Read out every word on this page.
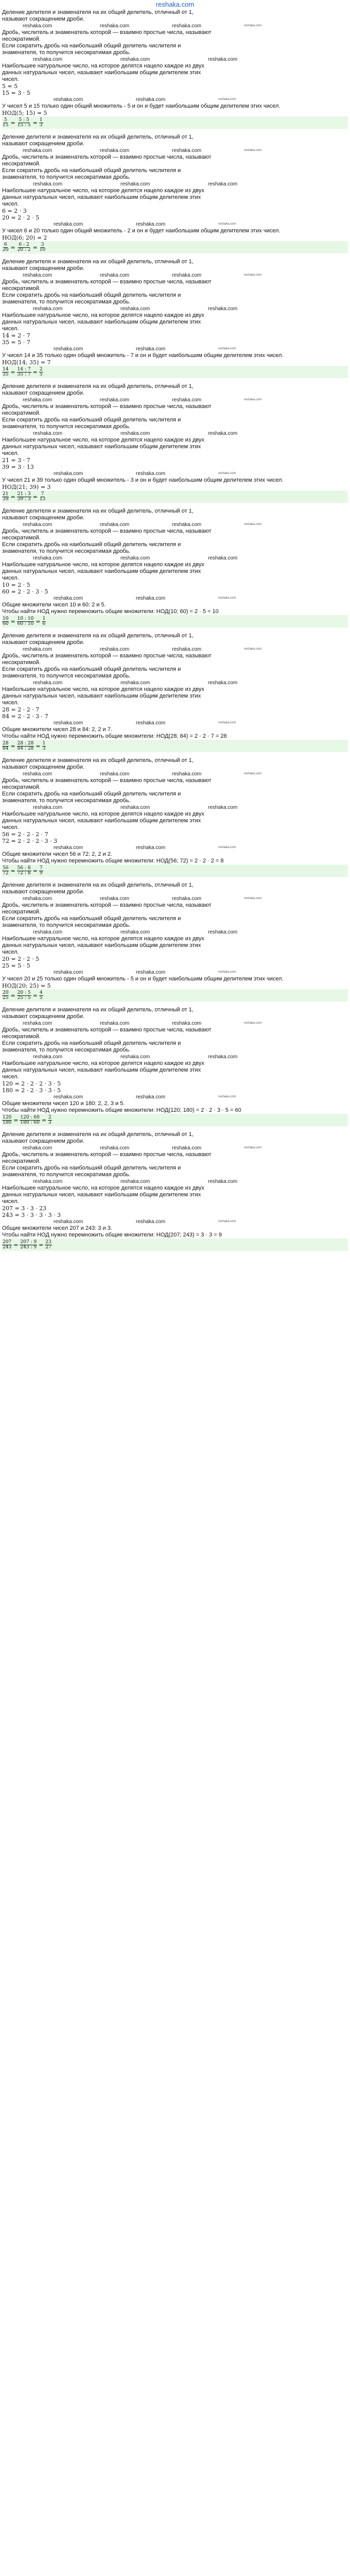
reshaka.com
Деление делителя и знаменателя на их общий делитель, отличный от 1,
называют сокращением дроби.
reshaka.com	reshaka.com	reshaka.com	reshaka.com
Дробь, числитель и знаменатель которой — взаимно простые числа, называют
несократимой.
Если сократить дробь на наибольший общий делитель числителя и
знаменателя, то получится несократимая дробь.
reshaka.com	reshaka.com	reshaka.com
Наибольшее натуральное число, на которое делятся нацело каждое из двух
данных натуральных чисел, называют наибольшим общим делителем этих
чисел.
5 = 5
15 = 3 · 5
reshaka.com	reshaka.com	reshaka.com
У чисел 5 и 15 только один общий множитель - 5 и он и будет наибольшим общим делителем этих чисел.
НОД(5; 15) = 5
$\frac{5}{15} = \frac{5 : 5}{15 : 5} = \frac{1}{3}$
Деление делителя и знаменателя на их общий делитель, отличный от 1,
называют сокращением дроби.
reshaka.com	reshaka.com	reshaka.com	reshaka.com
Дробь, числитель и знаменатель которой — взаимно простые числа, называют
несократимой.
Если сократить дробь на наибольший общий делитель числителя и
знаменателя, то получится несократимая дробь.
reshaka.com	reshaka.com	reshaka.com
Наибольшее натуральное число, на которое делятся нацело каждое из двух
данных натуральных чисел, называют наибольшим общим делителем этих
чисел.
6 = 2 · 3
20 = 2 · 2 · 5
reshaka.com	reshaka.com	reshaka.com
У чисел 6 и 20 только один общий множитель - 2 и он и будет наибольшим общим делителем этих чисел.
НОД(6; 20) = 2
$\frac{6}{20} = \frac{6 : 2}{20 : 2} = \frac{3}{10}$
Деление делителя и знаменателя на их общий делитель, отличный от 1,
называют сокращением дроби.
reshaka.com	reshaka.com	reshaka.com	reshaka.com
Дробь, числитель и знаменатель которой — взаимно простые числа, называют
несократимой.
Если сократить дробь на наибольший общий делитель числителя и
знаменателя, то получится несократимая дробь.
reshaka.com	reshaka.com	reshaka.com
Наибольшее натуральное число, на которое делятся нацело каждое из двух
данных натуральных чисел, называют наибольшим общим делителем этих
чисел.
14 = 2 · 7
35 = 5 · 7
reshaka.com	reshaka.com	reshaka.com
У чисел 14 и 35 только один общий множитель - 7 и он и будет наибольшим общим делителем этих чисел.
НОД(14; 35) = 7
$\frac{14}{35} = \frac{14 : 7}{35 : 7} = \frac{2}{5}$
Деление делителя и знаменателя на их общий делитель, отличный от 1,
называют сокращением дроби.
reshaka.com	reshaka.com	reshaka.com	reshaka.com
Дробь, числитель и знаменатель которой — взаимно простые числа, называют
несократимой.
Если сократить дробь на наибольший общий делитель числителя и
знаменателя, то получится несократимая дробь.
reshaka.com	reshaka.com	reshaka.com
Наибольшее натуральное число, на которое делятся нацело каждое из двух
данных натуральных чисел, называют наибольшим общим делителем этих
чисел.
21 = 3 · 7
39 = 3 · 13
reshaka.com	reshaka.com	reshaka.com
У чисел 21 и 39 только один общий множитель - 3 и он и будет наибольшим общим делителем этих чисел.
НОД(21; 39) = 3
$\frac{21}{39} = \frac{21 : 3}{39 : 3} = \frac{7}{13}$
Деление делителя и знаменателя на их общий делитель, отличный от 1,
называют сокращением дроби.
reshaka.com	reshaka.com	reshaka.com	reshaka.com
Дробь, числитель и знаменатель которой — взаимно простые числа, называют
несократимой.
Если сократить дробь на наибольший общий делитель числителя и
знаменателя, то получится несократимая дробь.
reshaka.com	reshaka.com	reshaka.com
Наибольшее натуральное число, на которое делятся нацело каждое из двух
данных натуральных чисел, называют наибольшим общим делителем этих
чисел.
10 = 2 · 5
60 = 2 · 2 · 3 · 5
reshaka.com	reshaka.com	reshaka.com
Общие множители чисел 10 и 60: 2 и 5.
Чтобы найти НОД нужно перемножить общие множители: НОД(10; 60) = 2 · 5 = 10
$\frac{10}{60} = \frac{10 : 10}{60 : 10} = \frac{1}{6}$
Деление делителя и знаменателя на их общий делитель, отличный от 1,
называют сокращением дроби.
reshaka.com	reshaka.com	reshaka.com	reshaka.com
Дробь, числитель и знаменатель которой — взаимно простые числа, называют
несократимой.
Если сократить дробь на наибольший общий делитель числителя и
знаменателя, то получится несократимая дробь.
reshaka.com	reshaka.com	reshaka.com
Наибольшее натуральное число, на которое делятся нацело каждое из двух
данных натуральных чисел, называют наибольшим общим делителем этих
чисел.
28 = 2 · 2 · 7
84 = 2 · 2 · 3 · 7
reshaka.com	reshaka.com	reshaka.com
Общие множители чисел 28 и 84: 2, 2 и 7.
Чтобы найти НОД нужно перемножить общие множители: НОД(28; 84) = 2 · 2 · 7 = 28
$\frac{28}{84} = \frac{28 : 28}{84 : 28} = \frac{1}{3}$
Деление делителя и знаменателя на их общий делитель, отличный от 1,
называют сокращением дроби.
reshaka.com	reshaka.com	reshaka.com	reshaka.com
Дробь, числитель и знаменатель которой — взаимно простые числа, называют
несократимой.
Если сократить дробь на наибольший общий делитель числителя и
знаменателя, то получится несократимая дробь.
reshaka.com	reshaka.com	reshaka.com
Наибольшее натуральное число, на которое делятся нацело каждое из двух
данных натуральных чисел, называют наибольшим общим делителем этих
чисел.
56 = 2 · 2 · 2 · 7
72 = 2 · 2 · 2 · 3 · 3
reshaka.com	reshaka.com	reshaka.com
Общие множители чисел 56 и 72: 2, 2 и 2.
Чтобы найти НОД нужно перемножить общие множители: НОД(56; 72) = 2 · 2 · 2 = 8
$\frac{56}{72} = \frac{56 : 8}{72 : 8} = \frac{7}{9}$
Деление делителя и знаменателя на их общий делитель, отличный от 1,
называют сокращением дроби.
reshaka.com	reshaka.com	reshaka.com	reshaka.com
Дробь, числитель и знаменатель которой — взаимно простые числа, называют
несократимой.
Если сократить дробь на наибольший общий делитель числителя и
знаменателя, то получится несократимая дробь.
reshaka.com	reshaka.com	reshaka.com
Наибольшее натуральное число, на которое делятся нацело каждое из двух
данных натуральных чисел, называют наибольшим общим делителем этих
чисел.
20 = 2 · 2 · 5
25 = 5 · 5
reshaka.com	reshaka.com	reshaka.com
У чисел 20 и 25 только один общий множитель - 5 и он и будет наибольшим общим делителем этих чисел.
НОД(20; 25) = 5
$\frac{20}{25} = \frac{20 : 5}{25 : 5} = \frac{4}{5}$
Деление делителя и знаменателя на их общий делитель, отличный от 1,
называют сокращением дроби.
reshaka.com	reshaka.com	reshaka.com	reshaka.com
Дробь, числитель и знаменатель которой — взаимно простые числа, называют
несократимой.
Если сократить дробь на наибольший общий делитель числителя и
знаменателя, то получится несократимая дробь.
reshaka.com	reshaka.com	reshaka.com
Наибольшее натуральное число, на которое делятся нацело каждое из двух
данных натуральных чисел, называют наибольшим общим делителем этих
чисел.
120 = 2 · 2 · 2 · 3 · 5
180 = 2 · 2 · 3 · 3 · 5
reshaka.com	reshaka.com	reshaka.com
Общие множители чисел 120 и 180: 2, 2, 3 и 5.
Чтобы найти НОД нужно перемножить общие множители: НОД(120; 180) = 2 · 2 · 3 · 5 = 60
$\frac{120}{180} = \frac{120 : 60}{180 : 60} = \frac{2}{3}$
Деление делителя и знаменателя на их общий делитель, отличный от 1,
называют сокращением дроби.
reshaka.com	reshaka.com	reshaka.com	reshaka.com
Дробь, числитель и знаменатель которой — взаимно простые числа, называют
несократимой.
Если сократить дробь на наибольший общий делитель числителя и
знаменателя, то получится несократимая дробь.
reshaka.com	reshaka.com	reshaka.com
Наибольшее натуральное число, на которое делятся нацело каждое из двух
данных натуральных чисел, называют наибольшим общим делителем этих
чисел.
207 = 3 · 3 · 23
243 = 3 · 3 · 3 · 3 · 3
reshaka.com	reshaka.com	reshaka.com
Общие множители чисел 207 и 243: 3 и 3.
Чтобы найти НОД нужно перемножить общие множители: НОД(207; 243) = 3 · 3 = 9
$\frac{207}{243} = \frac{207 : 9}{243 : 9} = \frac{23}{27}$
